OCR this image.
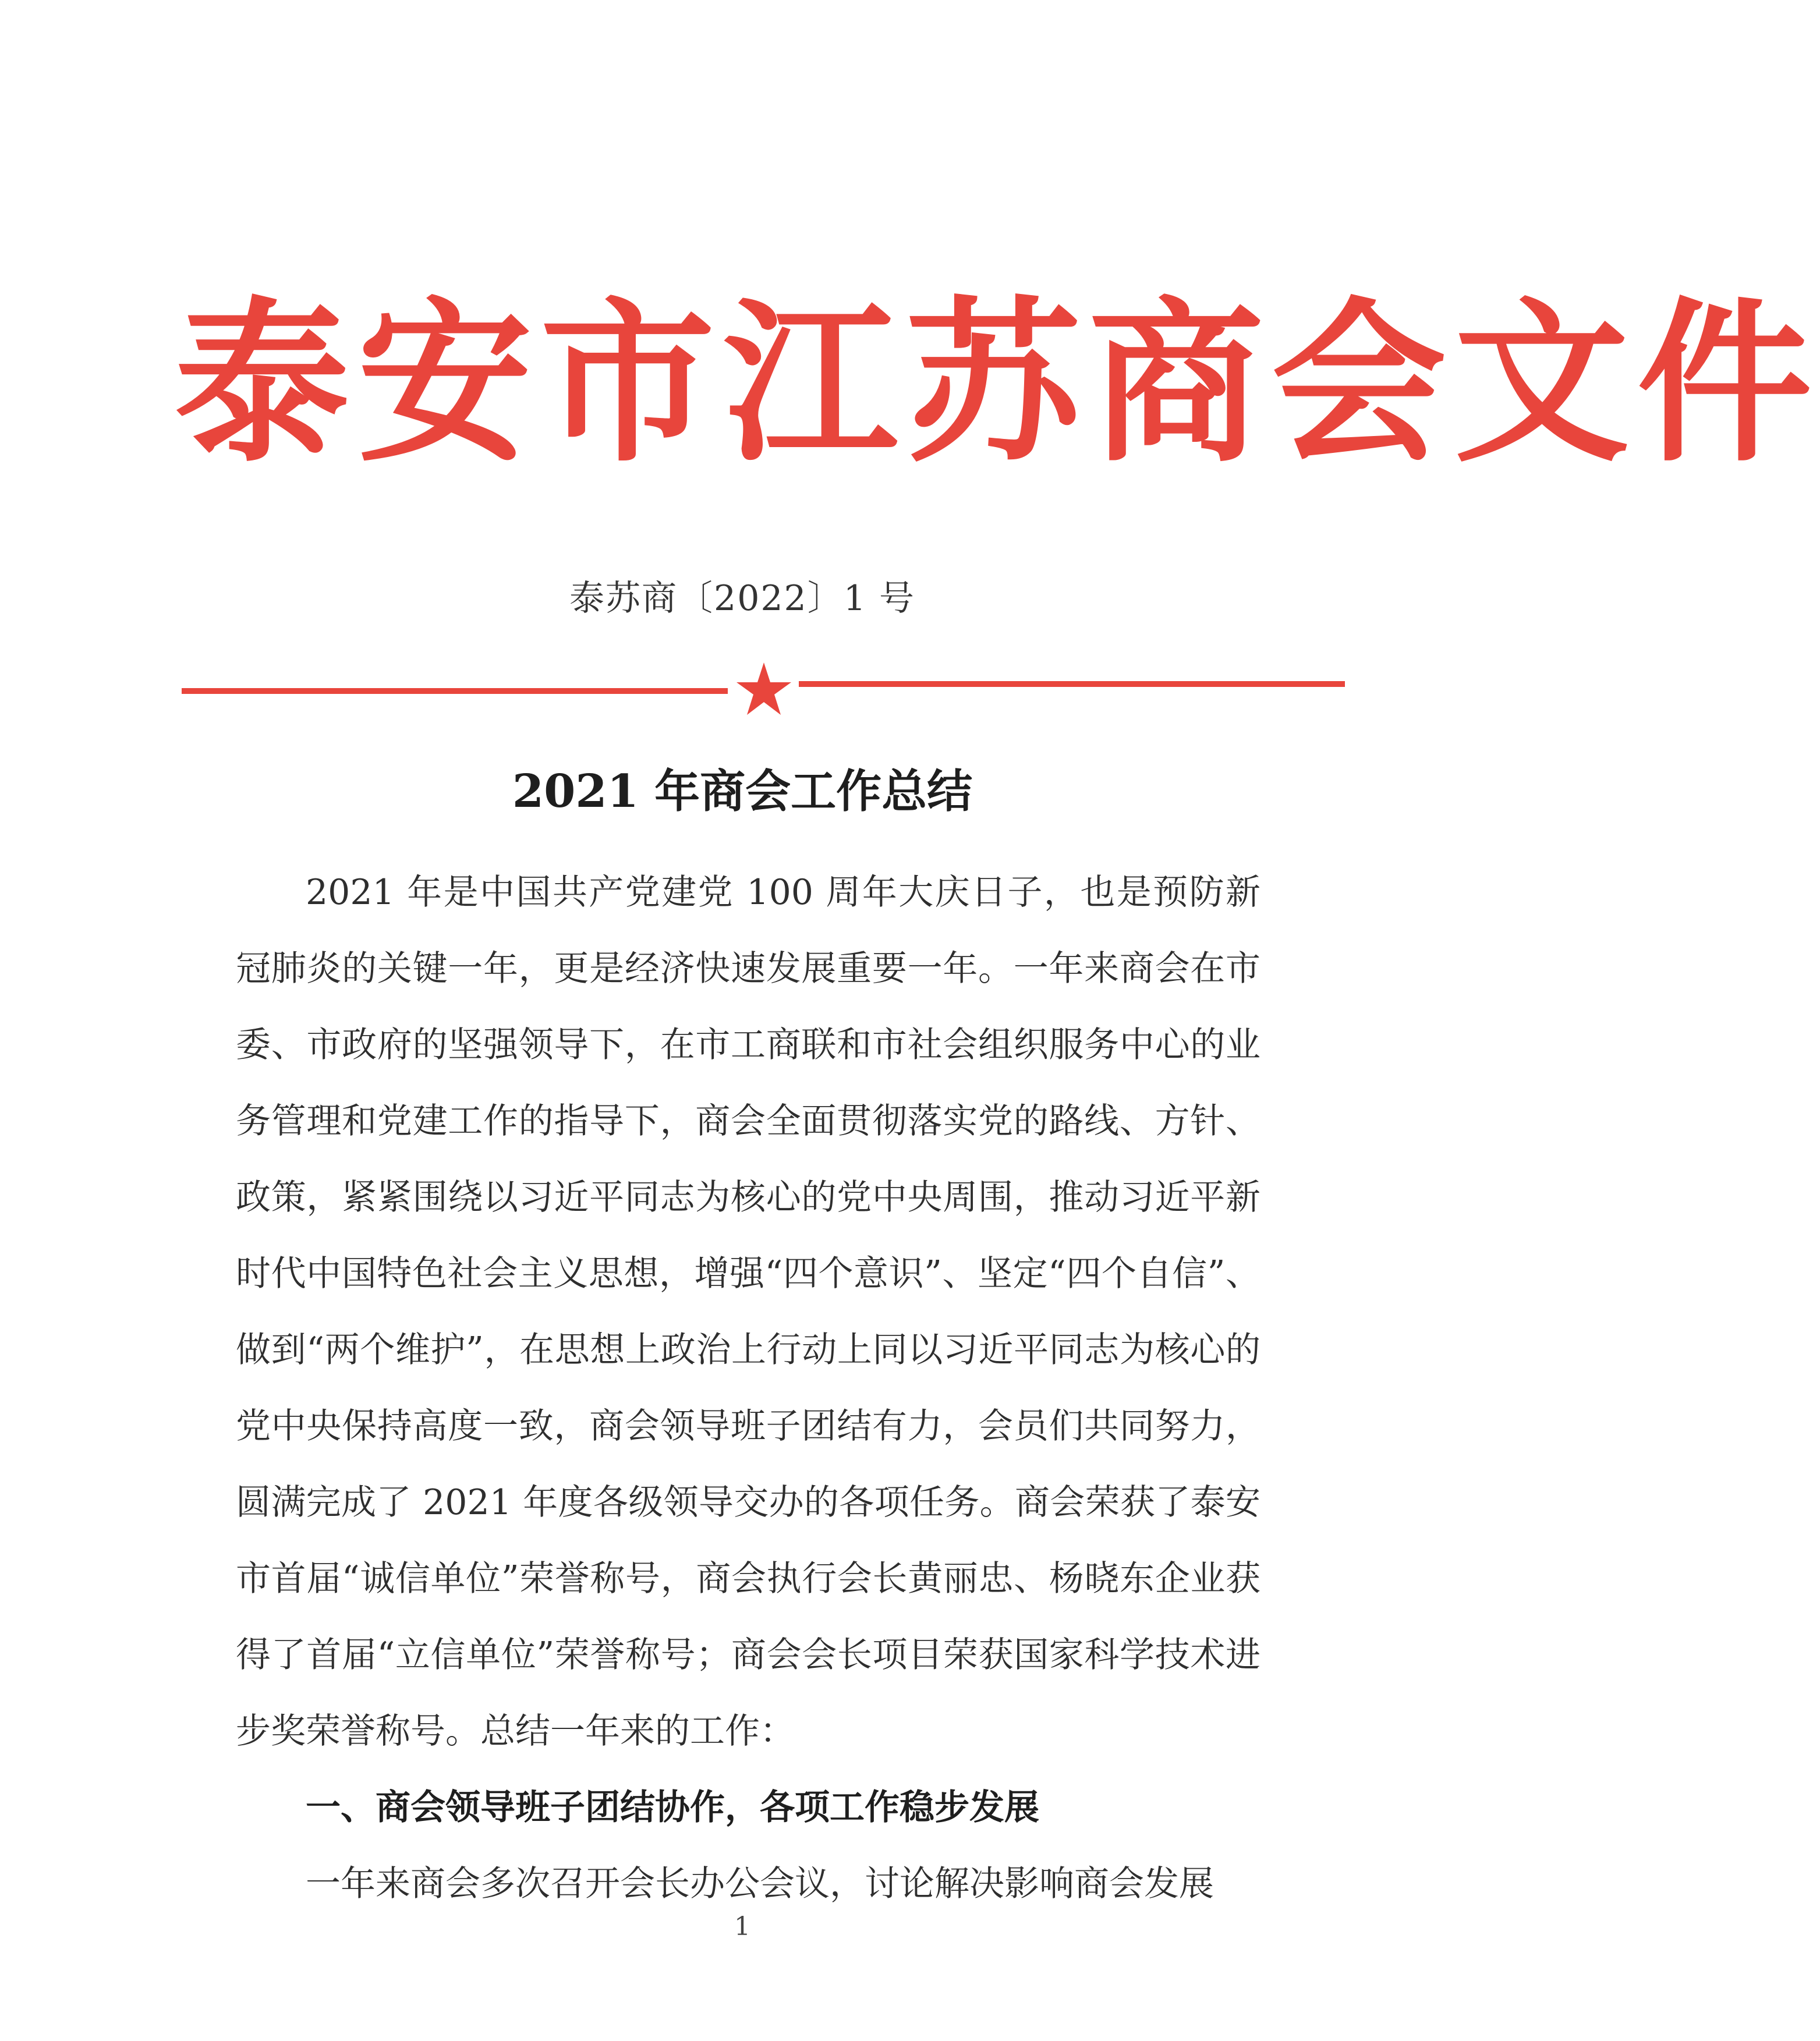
泰安市江苏商会文件
泰苏商〔2022〕1 号
2021 年商会工作总结

2021 年是中国共产党建党 100 周年大庆日子，也是预防新冠肺炎的关键一年，更是经济快速发展重要一年。一年来商会在市委、市政府的坚强领导下，在市工商联和市社会组织服务中心的业务管理和党建工作的指导下，商会全面贯彻落实党的路线、方针、政策，紧紧围绕以习近平同志为核心的党中央周围，推动习近平新时代中国特色社会主义思想，增强“四个意识”、坚定“四个自信”、做到“两个维护”，在思想上政治上行动上同以习近平同志为核心的党中央保持高度一致，商会领导班子团结有力，会员们共同努力，圆满完成了 2021 年度各级领导交办的各项任务。商会荣获了泰安市首届“诚信单位”荣誉称号，商会执行会长黄丽忠、杨晓东企业获得了首届“立信单位”荣誉称号；商会会长项目荣获国家科学技术进步奖荣誉称号。总结一年来的工作：

一、商会领导班子团结协作，各项工作稳步发展

一年来商会多次召开会长办公会议，讨论解决影响商会发展

1
